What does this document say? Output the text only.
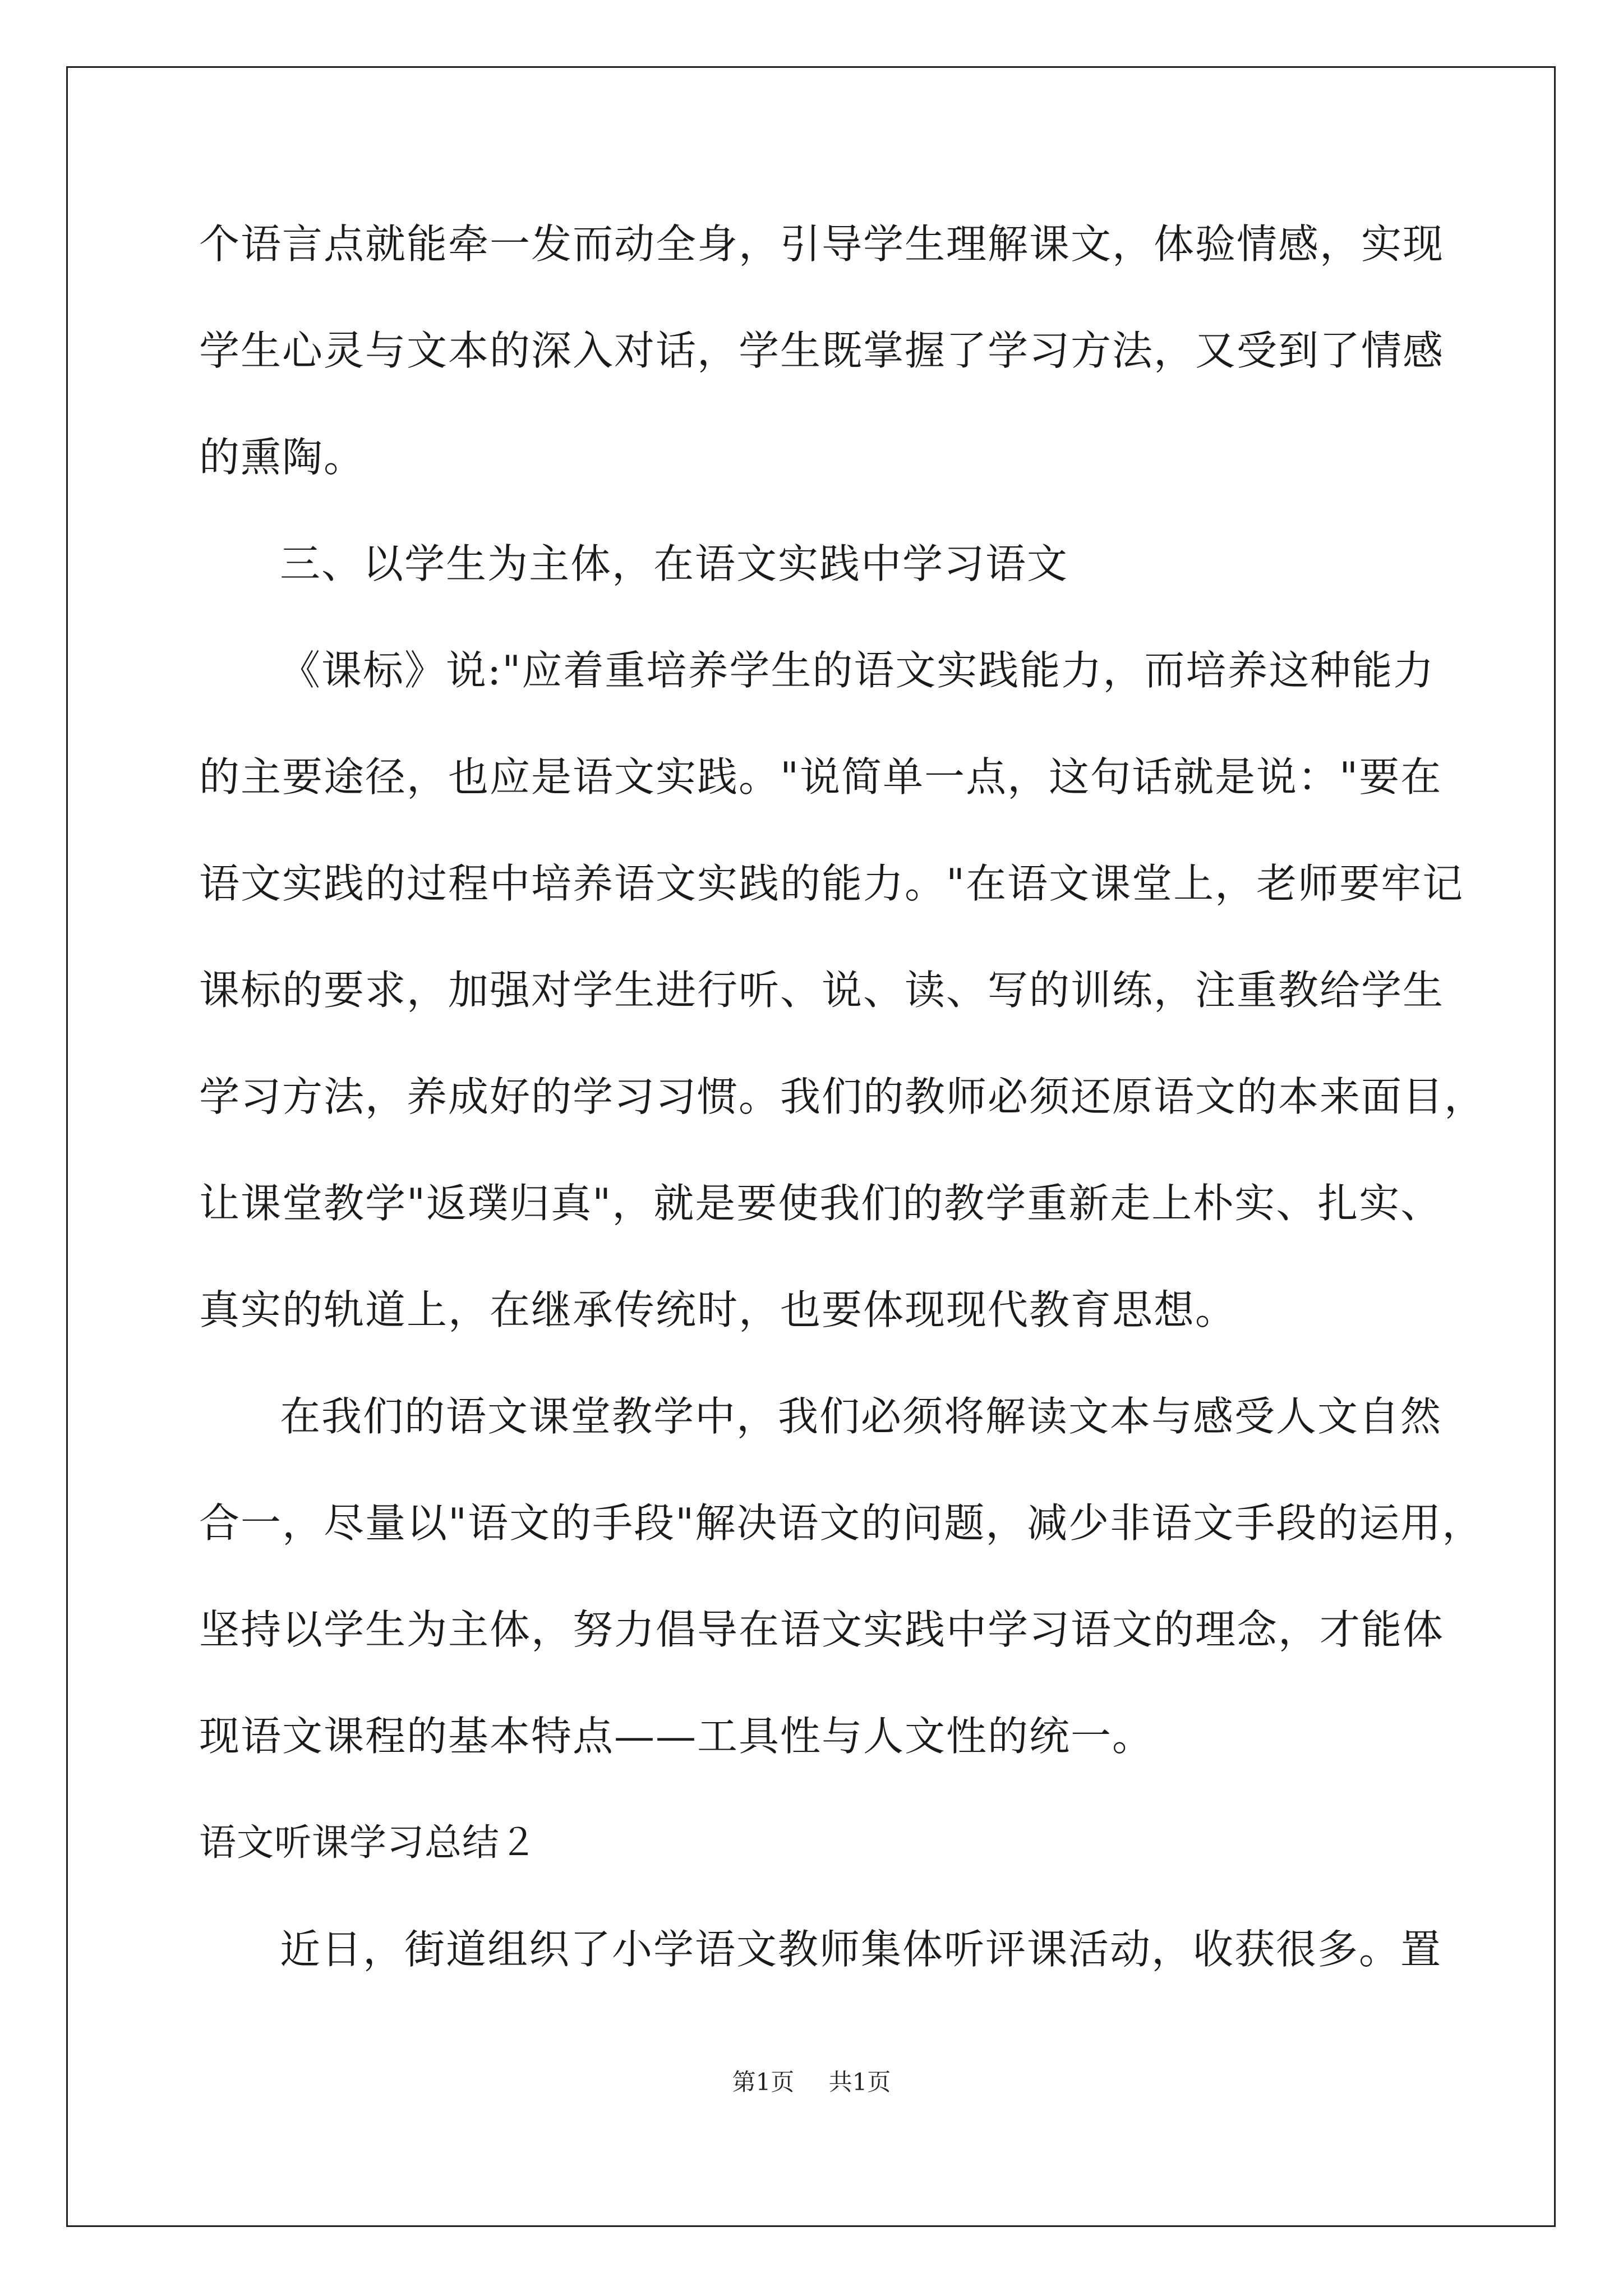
个语言点就能牵一发而动全身，引导学生理解课文，体验情感，实现
学生心灵与文本的深入对话，学生既掌握了学习方法，又受到了情感
的熏陶。
三、以学生为主体，在语文实践中学习语文
《课标》说:"应着重培养学生的语文实践能力，而培养这种能力
的主要途径，也应是语文实践。"说简单一点，这句话就是说："要在
语文实践的过程中培养语文实践的能力。"在语文课堂上，老师要牢记
课标的要求，加强对学生进行听、说、读、写的训练，注重教给学生
学习方法，养成好的学习习惯。我们的教师必须还原语文的本来面目，
让课堂教学"返璞归真"，就是要使我们的教学重新走上朴实、扎实、
真实的轨道上，在继承传统时，也要体现现代教育思想。
在我们的语文课堂教学中，我们必须将解读文本与感受人文自然
合一，尽量以"语文的手段"解决语文的问题，减少非语文手段的运用，
坚持以学生为主体，努力倡导在语文实践中学习语文的理念，才能体
现语文课程的基本特点——工具性与人文性的统一。
语文听课学习总结２
近日，街道组织了小学语文教师集体听评课活动，收获很多。置
第1页 共1页
